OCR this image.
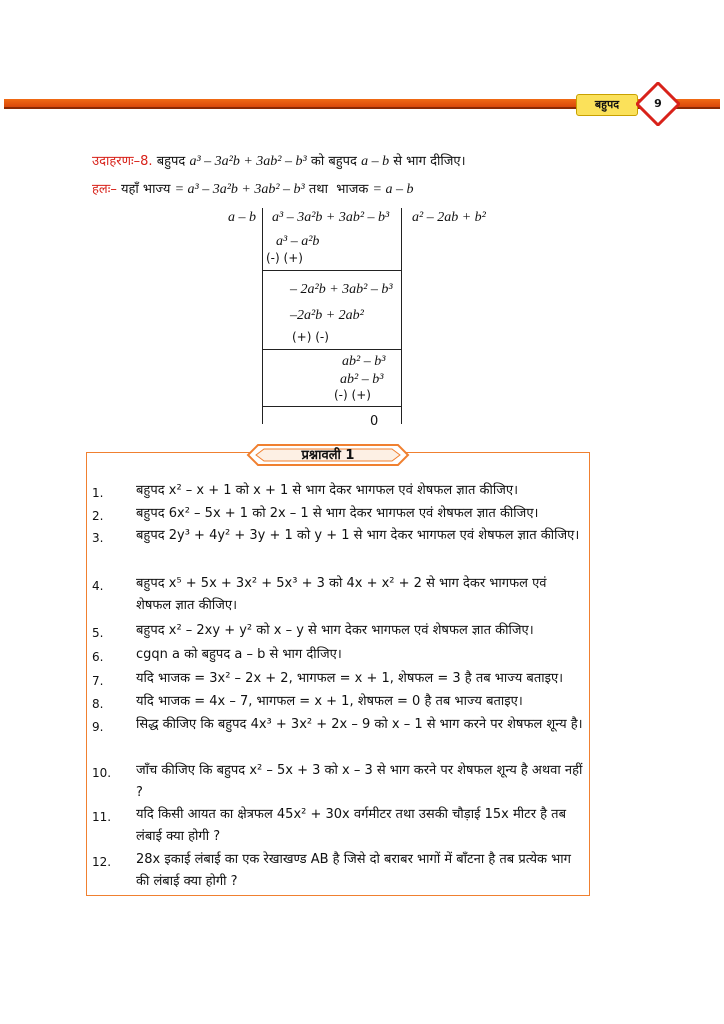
बहुपद	9
उदाहरणः–8. बहुपद a³ – 3a²b + 3ab² – b³ को बहुपद a – b से भाग दीजिए।
हलः– यहाँ भाज्य = a³ – 3a²b + 3ab² – b³ तथा भाजक = a – b
a – b a³ – 3a²b + 3ab² – b³ a² – 2ab + b²
a³ – a²b
(-) (+)
– 2a²b + 3ab² – b³
–2a²b + 2ab²
(+) (-)
ab² – b³
ab² – b³
(-) (+)
0
प्रश्नावली 1
1.	बहुपद x² – x + 1 को x + 1 से भाग देकर भागफल एवं शेषफल ज्ञात कीजिए।
2.	बहुपद 6x² – 5x + 1 को 2x – 1 से भाग देकर भागफल एवं शेषफल ज्ञात कीजिए।
3.	बहुपद 2y³ + 4y² + 3y + 1 को y + 1 से भाग देकर भागफल एवं शेषफल ज्ञात कीजिए।
4.	बहुपद x⁵ + 5x + 3x² + 5x³ + 3 को 4x + x² + 2 से भाग देकर भागफल एवं शेषफल ज्ञात कीजिए।
5.	बहुपद x² – 2xy + y² को x – y से भाग देकर भागफल एवं शेषफल ज्ञात कीजिए।
6.	cgqn a को बहुपद a – b से भाग दीजिए।
7.	यदि भाजक = 3x² – 2x + 2, भागफल = x + 1, शेषफल = 3 है तब भाज्य बताइए।
8.	यदि भाजक = 4x – 7, भागफल = x + 1, शेषफल = 0 है तब भाज्य बताइए।
9.	सिद्ध कीजिए कि बहुपद 4x³ + 3x² + 2x – 9 को x – 1 से भाग करने पर शेषफल शून्य है।
10. जाँच कीजिए कि बहुपद x² – 5x + 3 को x – 3 से भाग करने पर शेषफल शून्य है अथवा नहीं ?
11. यदि किसी आयत का क्षेत्रफल 45x² + 30x वर्गमीटर तथा उसकी चौड़ाई 15x मीटर है तब लंबाई क्या होगी ?
12. 28x इकाई लंबाई का एक रेखाखण्ड AB है जिसे दो बराबर भागों में बाँटना है तब प्रत्येक भाग की लंबाई क्या होगी ?
